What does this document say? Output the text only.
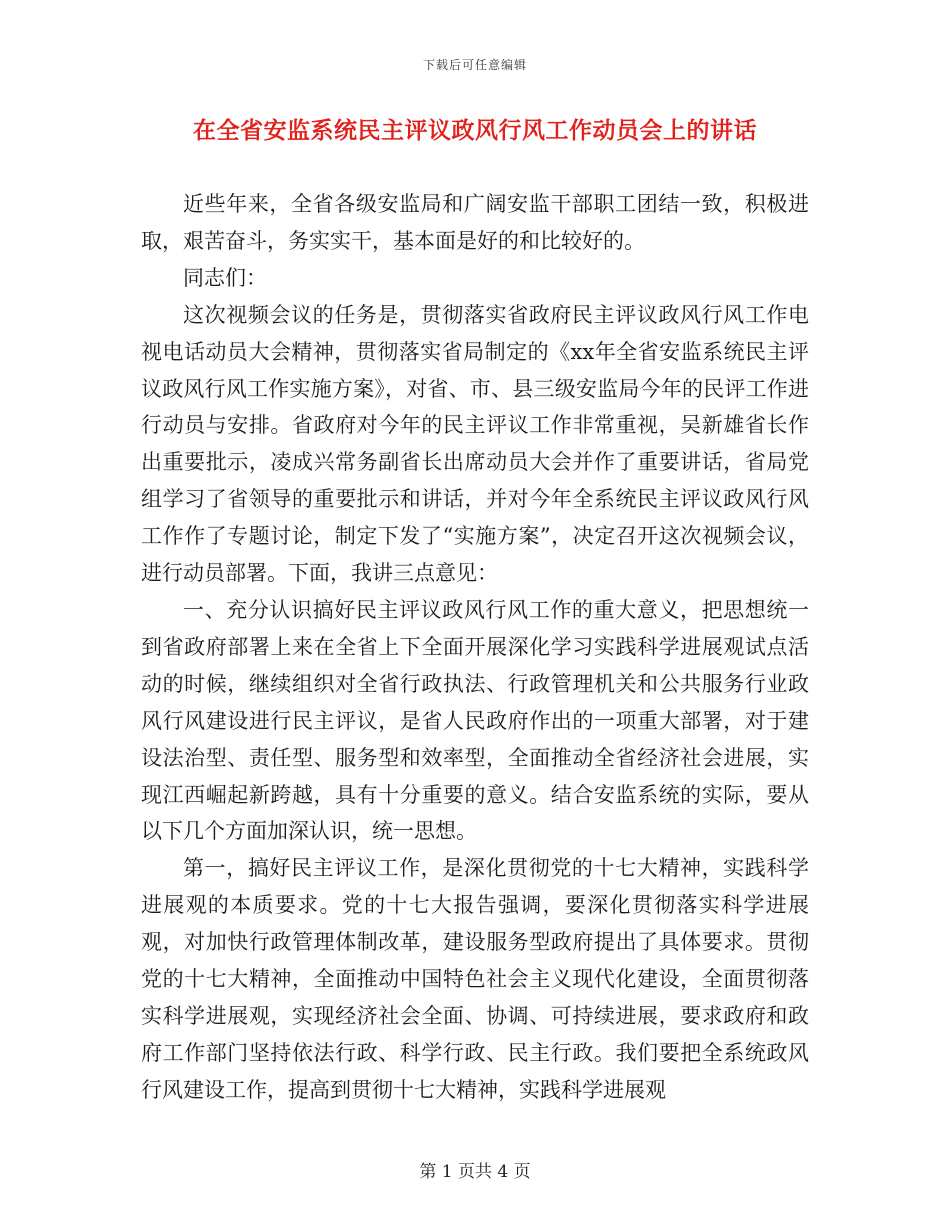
下载后可任意编辑
在全省安监系统民主评议政风行风工作动员会上的讲话

近些年来，全省各级安监局和广阔安监干部职工团结一致，积极进取，艰苦奋斗，务实实干，基本面是好的和比较好的。

同志们：

这次视频会议的任务是，贯彻落实省政府民主评议政风行风工作电视电话动员大会精神，贯彻落实省局制定的《xx年全省安监系统民主评议政风行风工作实施方案》，对省、市、县三级安监局今年的民评工作进行动员与安排。省政府对今年的民主评议工作非常重视，吴新雄省长作出重要批示，凌成兴常务副省长出席动员大会并作了重要讲话，省局党组学习了省领导的重要批示和讲话，并对今年全系统民主评议政风行风工作作了专题讨论，制定下发了“实施方案”，决定召开这次视频会议，进行动员部署。下面，我讲三点意见：

一、充分认识搞好民主评议政风行风工作的重大意义，把思想统一到省政府部署上来在全省上下全面开展深化学习实践科学进展观试点活动的时候，继续组织对全省行政执法、行政管理机关和公共服务行业政风行风建设进行民主评议，是省人民政府作出的一项重大部署，对于建设法治型、责任型、服务型和效率型，全面推动全省经济社会进展，实现江西崛起新跨越，具有十分重要的意义。结合安监系统的实际，要从以下几个方面加深认识，统一思想。

第一，搞好民主评议工作，是深化贯彻党的十七大精神，实践科学进展观的本质要求。党的十七大报告强调，要深化贯彻落实科学进展观，对加快行政管理体制改革，建设服务型政府提出了具体要求。贯彻党的十七大精神，全面推动中国特色社会主义现代化建设，全面贯彻落实科学进展观，实现经济社会全面、协调、可持续进展，要求政府和政府工作部门坚持依法行政、科学行政、民主行政。我们要把全系统政风行风建设工作，提高到贯彻十七大精神，实践科学进展观

第 1 页共 4 页
